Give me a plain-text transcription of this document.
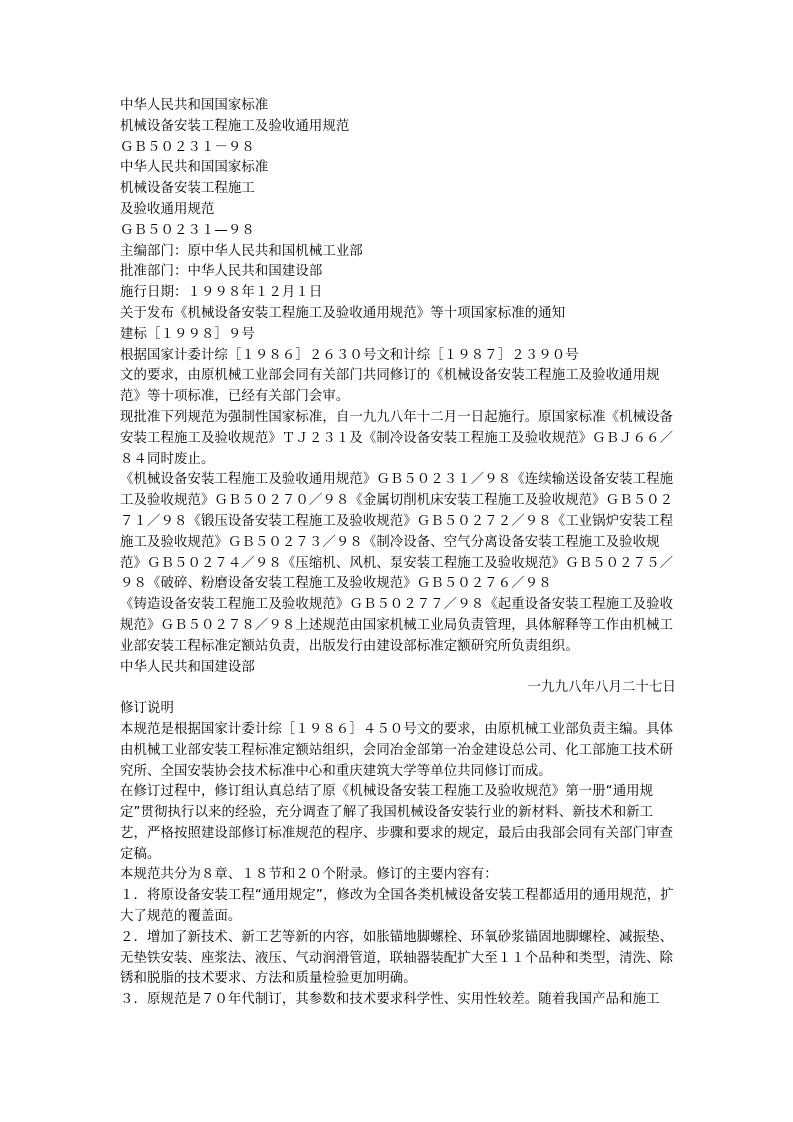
中华人民共和国国家标准
机械设备安装工程施工及验收通用规范
ＧＢ５０２３１－９８
中华人民共和国国家标准
机械设备安装工程施工
及验收通用规范
ＧＢ５０２３１—９８
主编部门：原中华人民共和国机械工业部
批准部门：中华人民共和国建设部
施行日期：１９９８年１２月１日
关于发布《机械设备安装工程施工及验收通用规范》等十项国家标准的通知
建标［１９９８］９号
根据国家计委计综［１９８６］２６３０号文和计综［１９８７］２３９０号
文的要求，由原机械工业部会同有关部门共同修订的《机械设备安装工程施工及验收通用规范》等十项标准，已经有关部门会审。
现批准下列规范为强制性国家标准，自一九九八年十二月一日起施行。原国家标准《机械设备安装工程施工及验收规范》ＴＪ２３１及《制冷设备安装工程施工及验收规范》ＧＢＪ６６／８４同时废止。
《机械设备安装工程施工及验收通用规范》ＧＢ５０２３１／９８《连续输送设备安装工程施工及验收规范》ＧＢ５０２７０／９８《金属切削机床安装工程施工及验收规范》ＧＢ５０２７１／９８《锻压设备安装工程施工及验收规范》ＧＢ５０２７２／９８《工业锅炉安装工程施工及验收规范》ＧＢ５０２７３／９８《制冷设备、空气分离设备安装工程施工及验收规范》ＧＢ５０２７４／９８《压缩机、风机、泵安装工程施工及验收规范》ＧＢ５０２７５／９８《破碎、粉磨设备安装工程施工及验收规范》ＧＢ５０２７６／９８
《铸造设备安装工程施工及验收规范》ＧＢ５０２７７／９８《起重设备安装工程施工及验收规范》ＧＢ５０２７８／９８上述规范由国家机械工业局负责管理，具体解释等工作由机械工业部安装工程标准定额站负责，出版发行由建设部标准定额研究所负责组织。
中华人民共和国建设部
一九九八年八月二十七日
修订说明
本规范是根据国家计委计综［１９８６］４５０号文的要求，由原机械工业部负责主编。具体由机械工业部安装工程标准定额站组织，会同冶金部第一冶金建设总公司、化工部施工技术研究所、全国安装协会技术标准中心和重庆建筑大学等单位共同修订而成。
在修订过程中，修订组认真总结了原《机械设备安装工程施工及验收规范》第一册“通用规定”贯彻执行以来的经验，充分调查了解了我国机械设备安装行业的新材料、新技术和新工艺，严格按照建设部修订标准规范的程序、步骤和要求的规定，最后由我部会同有关部门审查定稿。
本规范共分为８章、１８节和２０个附录。修订的主要内容有：
１．将原设备安装工程“通用规定”，修改为全国各类机械设备安装工程都适用的通用规范，扩大了规范的覆盖面。
２．增加了新技术、新工艺等新的内容，如胀锚地脚螺栓、环氧砂浆锚固地脚螺栓、减振垫、无垫铁安装、座浆法、液压、气动润滑管道，联轴器装配扩大至１１个品种和类型，清洗、除锈和脱脂的技术要求、方法和质量检验更加明确。
３．原规范是７０年代制订，其参数和技术要求科学性、实用性较差。随着我国产品和施工
